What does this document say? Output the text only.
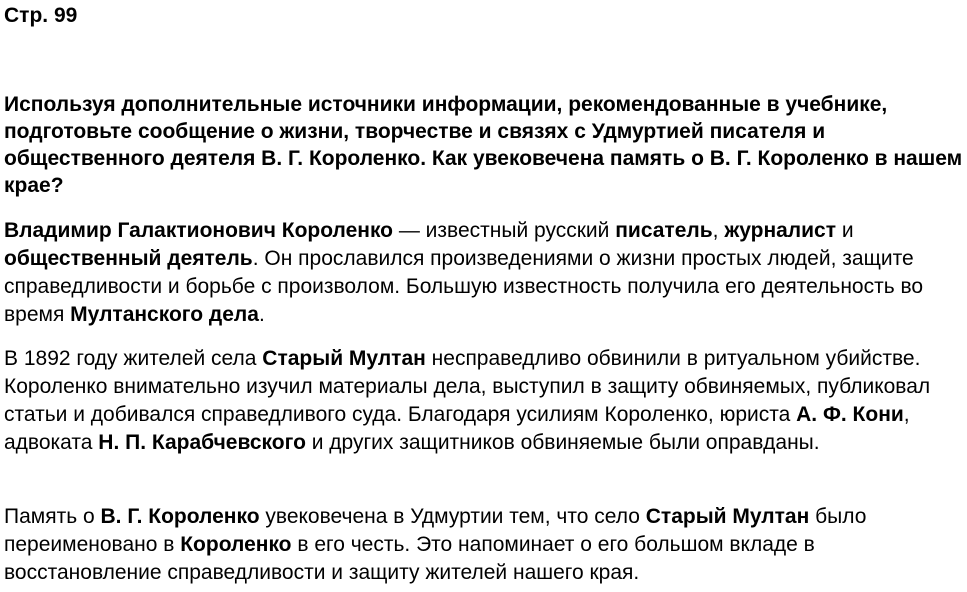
Стр. 99
Используя дополнительные источники информации, рекомендованные в учебнике, подготовьте сообщение о жизни, творчестве и связях с Удмуртией писателя и общественного деятеля В. Г. Короленко. Как увековечена память о В. Г. Короленко в нашем крае?
Владимир Галактионович Короленко — известный русский писатель, журналист и общественный деятель. Он прославился произведениями о жизни простых людей, защите справедливости и борьбе с произволом. Большую известность получила его деятельность во время Мултанского дела.
В 1892 году жителей села Старый Мултан несправедливо обвинили в ритуальном убийстве. Короленко внимательно изучил материалы дела, выступил в защиту обвиняемых, публиковал статьи и добивался справедливого суда. Благодаря усилиям Короленко, юриста А. Ф. Кони, адвоката Н. П. Карабчевского и других защитников обвиняемые были оправданы.
Память о В. Г. Короленко увековечена в Удмуртии тем, что село Старый Мултан было переименовано в Короленко в его честь. Это напоминает о его большом вкладе в восстановление справедливости и защиту жителей нашего края.
